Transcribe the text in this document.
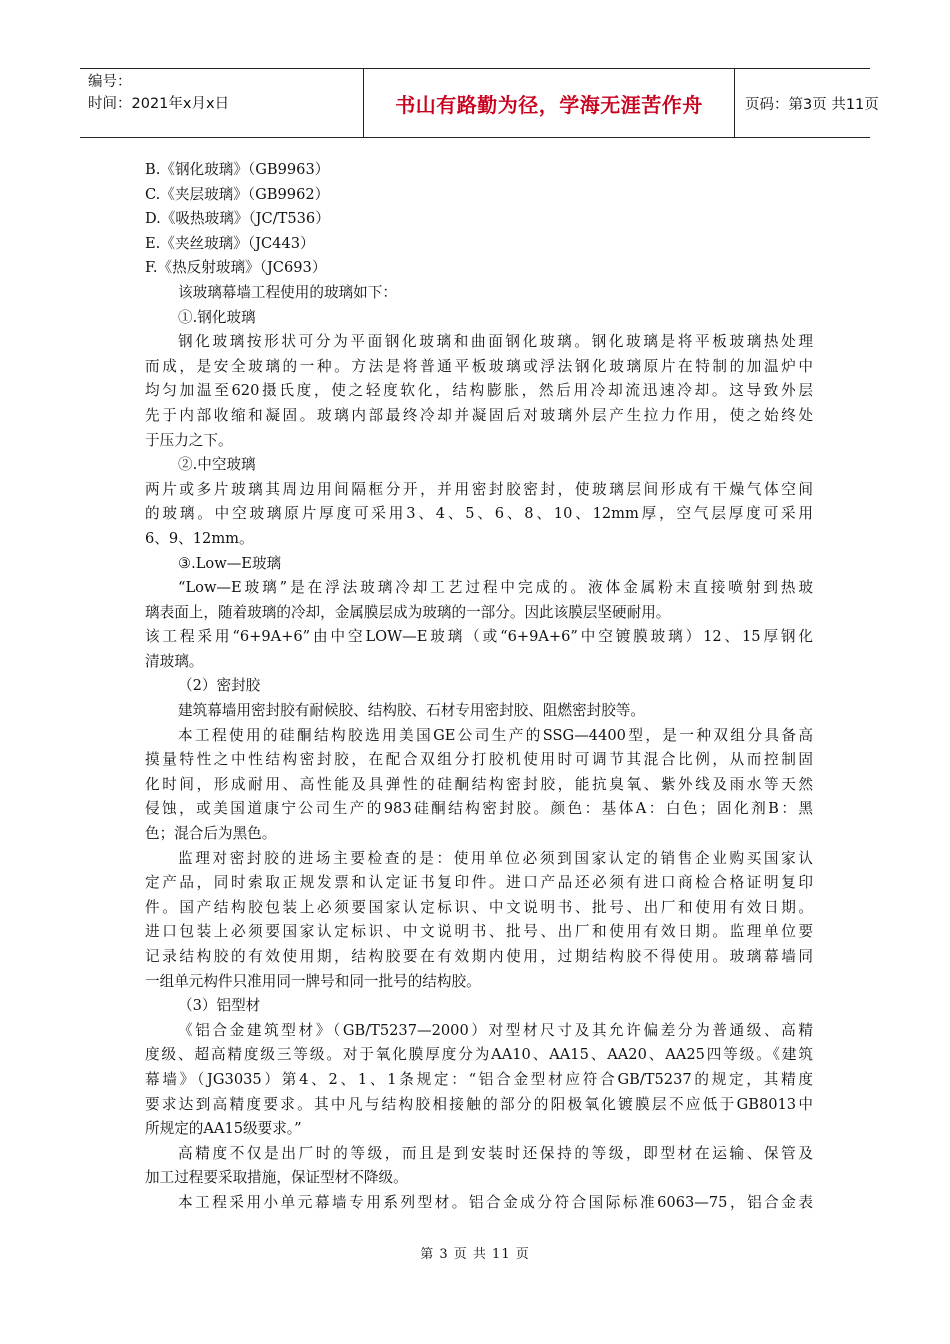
编号：
时间：2021年x月x日	书山有路勤为径，学海无涯苦作舟	页码：第3页 共11页
B.《钢化玻璃》（GB9963）
C.《夹层玻璃》（GB9962）
D.《吸热玻璃》（JC/T536）
E.《夹丝玻璃》（JC443）
F.《热反射玻璃》（JC693）
该玻璃幕墙工程使用的玻璃如下：
①.钢化玻璃
钢化玻璃按形状可分为平面钢化玻璃和曲面钢化玻璃。钢化玻璃是将平板玻璃热处理
而成，是安全玻璃的一种。方法是将普通平板玻璃或浮法钢化玻璃原片在特制的加温炉中
均匀加温至620摄氏度，使之轻度软化，结构膨胀，然后用冷却流迅速冷却。这导致外层
先于内部收缩和凝固。玻璃内部最终冷却并凝固后对玻璃外层产生拉力作用，使之始终处
于压力之下。
②.中空玻璃
两片或多片玻璃其周边用间隔框分开，并用密封胶密封，使玻璃层间形成有干燥气体空间
的玻璃。中空玻璃原片厚度可采用3、4、5、6、8、10、12mm厚，空气层厚度可采用
6、9、12mm。
③.Low—E玻璃
“Low—E玻璃”是在浮法玻璃冷却工艺过程中完成的。液体金属粉末直接喷射到热玻
璃表面上，随着玻璃的冷却，金属膜层成为玻璃的一部分。因此该膜层坚硬耐用。
该工程采用“6+9A+6”由中空LOW—E玻璃（或“6+9A+6”中空镀膜玻璃）12、15厚钢化
清玻璃。
（2）密封胶
建筑幕墙用密封胶有耐候胶、结构胶、石材专用密封胶、阻燃密封胶等。
本工程使用的硅酮结构胶选用美国GE公司生产的SSG—4400型，是一种双组分具备高
摸量特性之中性结构密封胶，在配合双组分打胶机使用时可调节其混合比例，从而控制固
化时间，形成耐用、高性能及具弹性的硅酮结构密封胶，能抗臭氧、紫外线及雨水等天然
侵蚀，或美国道康宁公司生产的983硅酮结构密封胶。颜色：基体A：白色；固化剂B：黑
色；混合后为黑色。
监理对密封胶的进场主要检查的是：使用单位必须到国家认定的销售企业购买国家认
定产品，同时索取正规发票和认定证书复印件。进口产品还必须有进口商检合格证明复印
件。国产结构胶包装上必须要国家认定标识、中文说明书、批号、出厂和使用有效日期。
进口包装上必须要国家认定标识、中文说明书、批号、出厂和使用有效日期。监理单位要
记录结构胶的有效使用期，结构胶要在有效期内使用，过期结构胶不得使用。玻璃幕墙同
一组单元构件只准用同一牌号和同一批号的结构胶。
（3）铝型材
《铝合金建筑型材》（GB/T5237—2000）对型材尺寸及其允许偏差分为普通级、高精
度级、超高精度级三等级。对于氧化膜厚度分为AA10、AA15、AA20、AA25四等级。《建筑
幕墙》（JG3035）第4、2、1、1条规定：“铝合金型材应符合GB/T5237的规定，其精度
要求达到高精度要求。其中凡与结构胶相接触的部分的阳极氧化镀膜层不应低于GB8013中
所规定的AA15级要求。”
高精度不仅是出厂时的等级，而且是到安装时还保持的等级，即型材在运输、保管及
加工过程要采取措施，保证型材不降级。
本工程采用小单元幕墙专用系列型材。铝合金成分符合国际标准6063—75，铝合金表
第 3 页 共 11 页
